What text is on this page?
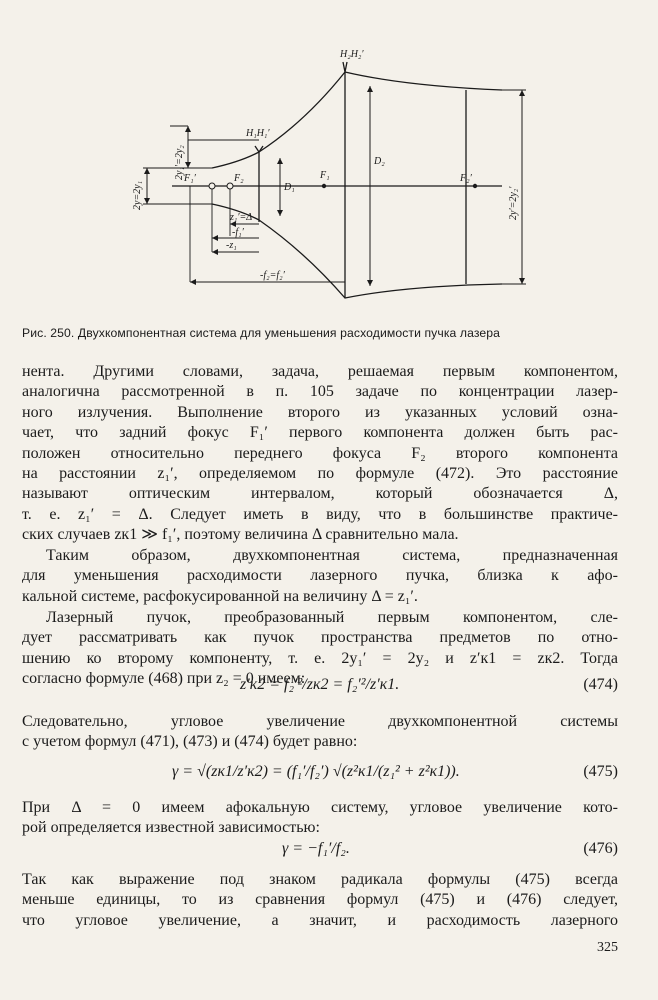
H₂H₂′
H₁H₁′
F₁′	F₂	F₁	F₂′
D₁
D₂
z₁′=Δ
-f₁′
-z₁
-f₂=f₂′
2y=2y₁
2y₁′=2y₂
2y′=2y₂′
Рис. 250. Двухкомпонентная система для уменьшения расходимости пучка лазера
нента. Другими словами, задача, решаемая первым компонентом,
аналогична рассмотренной в п. 105 задаче по концентрации лазер-
ного излучения. Выполнение второго из указанных условий озна-
чает, что задний фокус F₁′ первого компонента должен быть рас-
положен относительно переднего фокуса F₂ второго компонента
на расстоянии z₁′, определяемом по формуле (472). Это расстояние
называют оптическим интервалом, который обозначается Δ,
т. е. z₁′ = Δ. Следует иметь в виду, что в большинстве практиче-
ских случаев zк1 ≫ f₁′, поэтому величина Δ сравнительно мала.
Таким образом, двухкомпонентная система, предназначенная
для уменьшения расходимости лазерного пучка, близка к афо-
кальной системе, расфокусированной на величину Δ = z₁′.
Лазерный пучок, преобразованный первым компонентом, сле-
дует рассматривать как пучок пространства предметов по отно-
шению ко второму компоненту, т. е. 2y₁′ = 2y₂ и z′к1 = zк2. Тогда
согласно формуле (468) при z₂ = 0 имеем:
z′к2 = f₂′²/zк2 = f₂′²/z′к1.	(474)
Следовательно, угловое увеличение двухкомпонентной системы
с учетом формул (471), (473) и (474) будет равно:
γ = √(zк1/z′к2) = (f₁′/f₂′) √(z²к1/(z₁² + z²к1)).	(475)
При Δ = 0 имеем афокальную систему, угловое увеличение кото-
рой определяется известной зависимостью:
γ = −f₁′/f₂.	(476)
Так как выражение под знаком радикала формулы (475) всегда
меньше единицы, то из сравнения формул (475) и (476) следует,
что угловое увеличение, а значит, и расходимость лазерного
325
